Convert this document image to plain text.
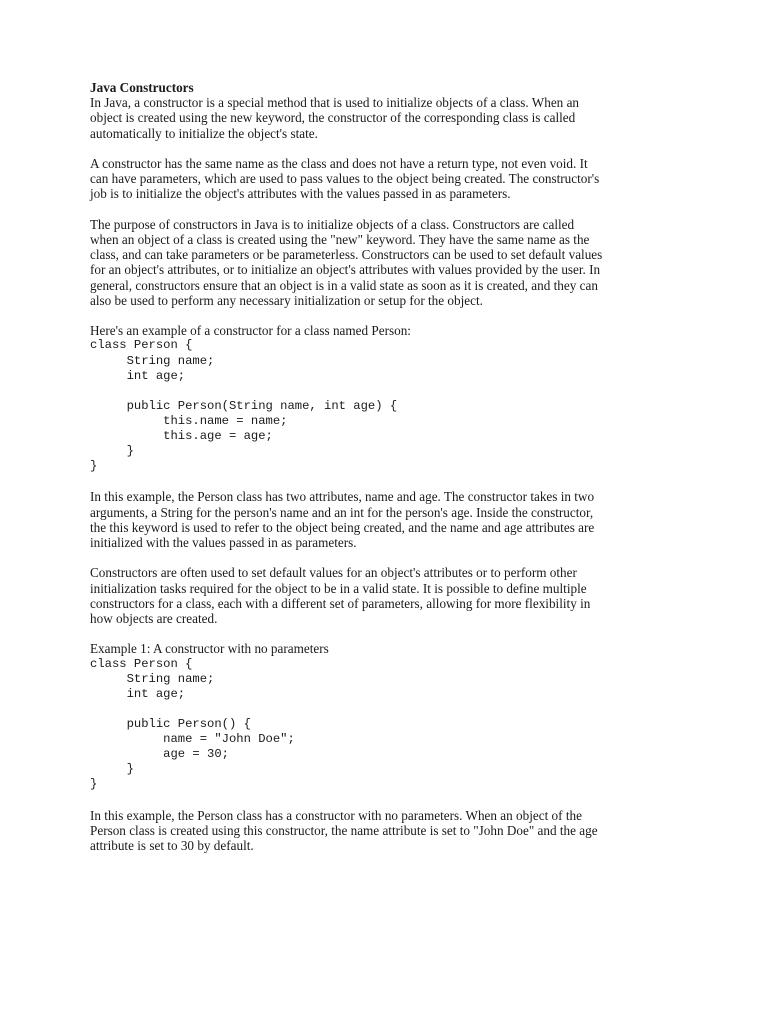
Java Constructors
In Java, a constructor is a special method that is used to initialize objects of a class. When an
object is created using the new keyword, the constructor of the corresponding class is called
automatically to initialize the object's state.
A constructor has the same name as the class and does not have a return type, not even void. It
can have parameters, which are used to pass values to the object being created. The constructor's
job is to initialize the object's attributes with the values passed in as parameters.
The purpose of constructors in Java is to initialize objects of a class. Constructors are called
when an object of a class is created using the "new" keyword. They have the same name as the
class, and can take parameters or be parameterless. Constructors can be used to set default values
for an object's attributes, or to initialize an object's attributes with values provided by the user. In
general, constructors ensure that an object is in a valid state as soon as it is created, and they can
also be used to perform any necessary initialization or setup for the object.
Here's an example of a constructor for a class named Person:
class Person {
String name;
int age;
public Person(String name, int age) {
this.name = name;
this.age = age;
}
}
In this example, the Person class has two attributes, name and age. The constructor takes in two
arguments, a String for the person's name and an int for the person's age. Inside the constructor,
the this keyword is used to refer to the object being created, and the name and age attributes are
initialized with the values passed in as parameters.
Constructors are often used to set default values for an object's attributes or to perform other
initialization tasks required for the object to be in a valid state. It is possible to define multiple
constructors for a class, each with a different set of parameters, allowing for more flexibility in
how objects are created.
Example 1: A constructor with no parameters
class Person {
String name;
int age;
public Person() {
name = "John Doe";
age = 30;
}
}
In this example, the Person class has a constructor with no parameters. When an object of the
Person class is created using this constructor, the name attribute is set to "John Doe" and the age
attribute is set to 30 by default.
